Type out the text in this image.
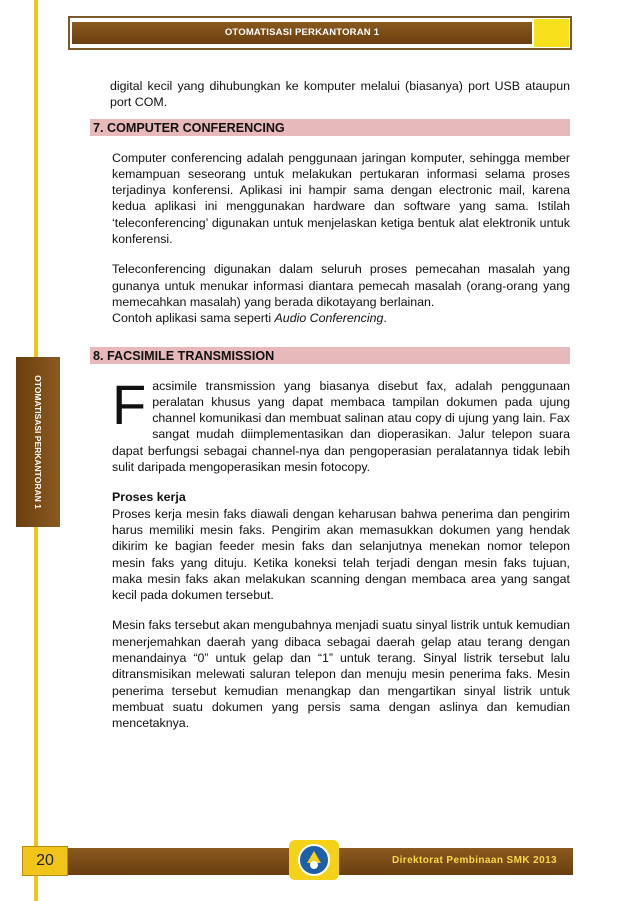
OTOMATISASI PERKANTORAN 1
OTOMATISASI PERKANTORAN 1

digital kecil yang dihubungkan ke komputer melalui (biasanya) port USB ataupun port COM.

7. COMPUTER CONFERENCING

Computer conferencing adalah penggunaan jaringan komputer, sehingga member kemampuan seseorang untuk melakukan pertukaran informasi selama proses terjadinya konferensi. Aplikasi ini hampir sama dengan electronic mail, karena kedua aplikasi ini menggunakan hardware dan software yang sama. Istilah ‘teleconferencing’ digunakan untuk menjelaskan ketiga bentuk alat elektronik untuk konferensi.

Teleconferencing digunakan dalam seluruh proses pemecahan masalah yang gunanya untuk menukar informasi diantara pemecah masalah (orang-orang yang memecahkan masalah) yang berada dikotayang berlainan.

Contoh aplikasi sama seperti Audio Conferencing.

8. FACSIMILE TRANSMISSION

Facsimile transmission yang biasanya disebut fax, adalah penggunaan peralatan khusus yang dapat membaca tampilan dokumen pada ujung channel komunikasi dan membuat salinan atau copy di ujung yang lain. Fax sangat mudah diimplementasikan dan dioperasikan. Jalur telepon suara dapat berfungsi sebagai channel-nya dan pengoperasian peralatannya tidak lebih sulit daripada mengoperasikan mesin fotocopy.

Proses kerja

Proses kerja mesin faks diawali dengan keharusan bahwa penerima dan pengirim harus memiliki mesin faks. Pengirim akan memasukkan dokumen yang hendak dikirim ke bagian feeder mesin faks dan selanjutnya menekan nomor telepon mesin faks yang dituju. Ketika koneksi telah terjadi dengan mesin faks tujuan, maka mesin faks akan melakukan scanning dengan membaca area yang sangat kecil pada dokumen tersebut.

Mesin faks tersebut akan mengubahnya menjadi suatu sinyal listrik untuk kemudian menerjemahkan daerah yang dibaca sebagai daerah gelap atau terang dengan menandainya “0” untuk gelap dan “1” untuk terang. Sinyal listrik tersebut lalu ditransmisikan melewati saluran telepon dan menuju mesin penerima faks. Mesin penerima tersebut kemudian menangkap dan mengartikan sinyal listrik untuk membuat suatu dokumen yang persis sama dengan aslinya dan kemudian mencetaknya.

20	Direktorat Pembinaan SMK 2013
